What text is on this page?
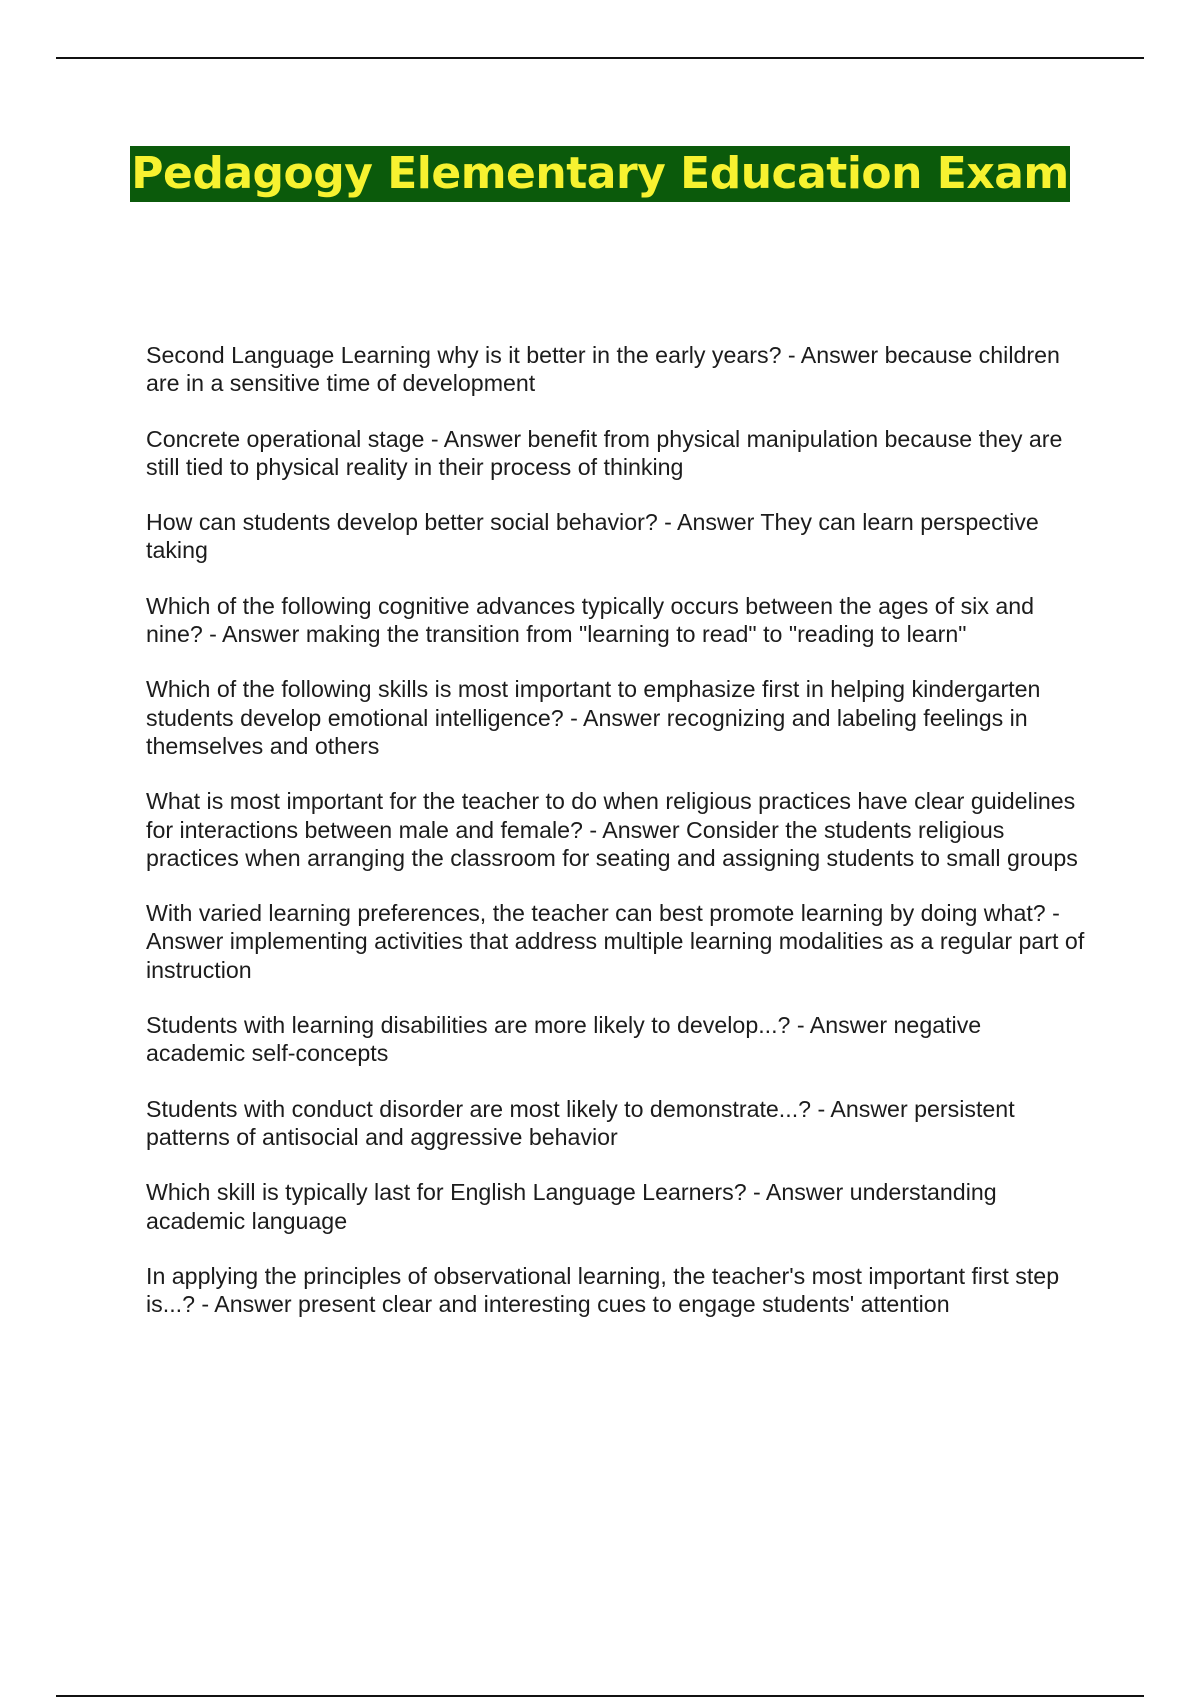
Pedagogy Elementary Education Exam
Second Language Learning why is it better in the early years? - Answer because children are in a sensitive time of development
Concrete operational stage - Answer benefit from physical manipulation because they are still tied to physical reality in their process of thinking
How can students develop better social behavior? - Answer They can learn perspective taking
Which of the following cognitive advances typically occurs between the ages of six and nine? - Answer making the transition from "learning to read" to "reading to learn"
Which of the following skills is most important to emphasize first in helping kindergarten students develop emotional intelligence? - Answer recognizing and labeling feelings in themselves and others
What is most important for the teacher to do when religious practices have clear guidelines for interactions between male and female? - Answer Consider the students religious practices when arranging the classroom for seating and assigning students to small groups
With varied learning preferences, the teacher can best promote learning by doing what? - Answer implementing activities that address multiple learning modalities as a regular part of instruction
Students with learning disabilities are more likely to develop...? - Answer negative academic self-concepts
Students with conduct disorder are most likely to demonstrate...? - Answer persistent patterns of antisocial and aggressive behavior
Which skill is typically last for English Language Learners? - Answer understanding academic language
In applying the principles of observational learning, the teacher's most important first step is...? - Answer present clear and interesting cues to engage students' attention
